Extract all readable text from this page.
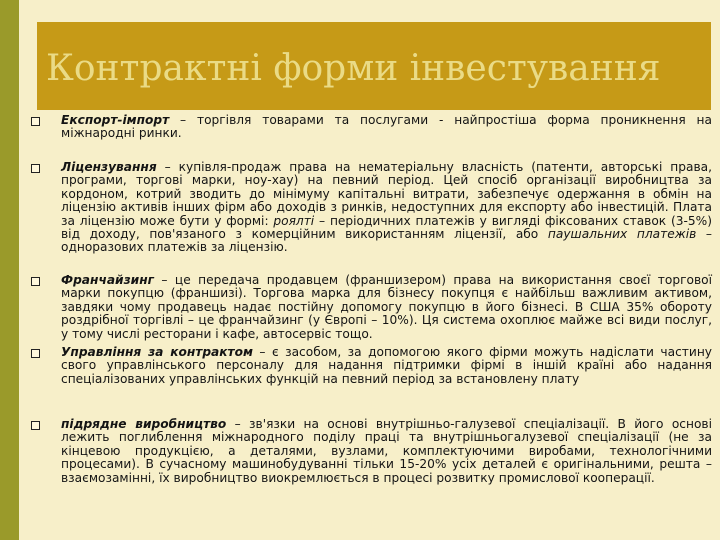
Контрактні форми інвестування
Експорт-імпорт – торгівля товарами та послугами - найпростіша форма проникнення на міжнародні ринки.
Ліцензування – купівля-продаж права на нематеріальну власність (патенти, авторські права, програми, торгові марки, ноу-хау) на певний період. Цей спосіб організації виробництва за кордоном, котрий зводить до мінімуму капітальні витрати, забезпечує одержання в обмін на ліцензію активів інших фірм або доходів з ринків, недоступних для експорту або інвестицій. Плата за ліцензію може бути у формі: роялті – періодичних платежів у вигляді фіксованих ставок (3-5%) від доходу, пов'язаного з комерційним використанням ліцензії, або паушальних платежів – одноразових платежів за ліцензію.
Франчайзинг – це передача продавцем (франшизером) права на використання своєї торгової марки покупцю (франшизі). Торгова марка для бізнесу покупця є найбільш важливим активом, завдяки чому продавець надає постійну допомогу покупцю в його бізнесі. В США 35% обороту роздрібної торгівлі – це франчайзинг (у Європі – 10%). Ця система охоплює майже всі види послуг, у тому числі ресторани і кафе, автосервіс тощо.
Управління за контрактом – є засобом, за допомогою якого фірми можуть надіслати частину свого управлінського персоналу для надання підтримки фірмі в іншій країні або надання спеціалізованих управлінських функцій на певний період за встановлену плату
підрядне виробництво – зв'язки на основі внутрішньо-галузевої спеціалізації. В його основі лежить поглиблення міжнародного поділу праці та внутрішньогалузевої спеціалізації (не за кінцевою продукцією, а деталями, вузлами, комплектуючими виробами, технологічними процесами). В сучасному машинобудуванні тільки 15-20% усіх деталей є оригінальними, решта – взаємозамінні, їх виробництво виокремлюється в процесі розвитку промислової кооперації.
